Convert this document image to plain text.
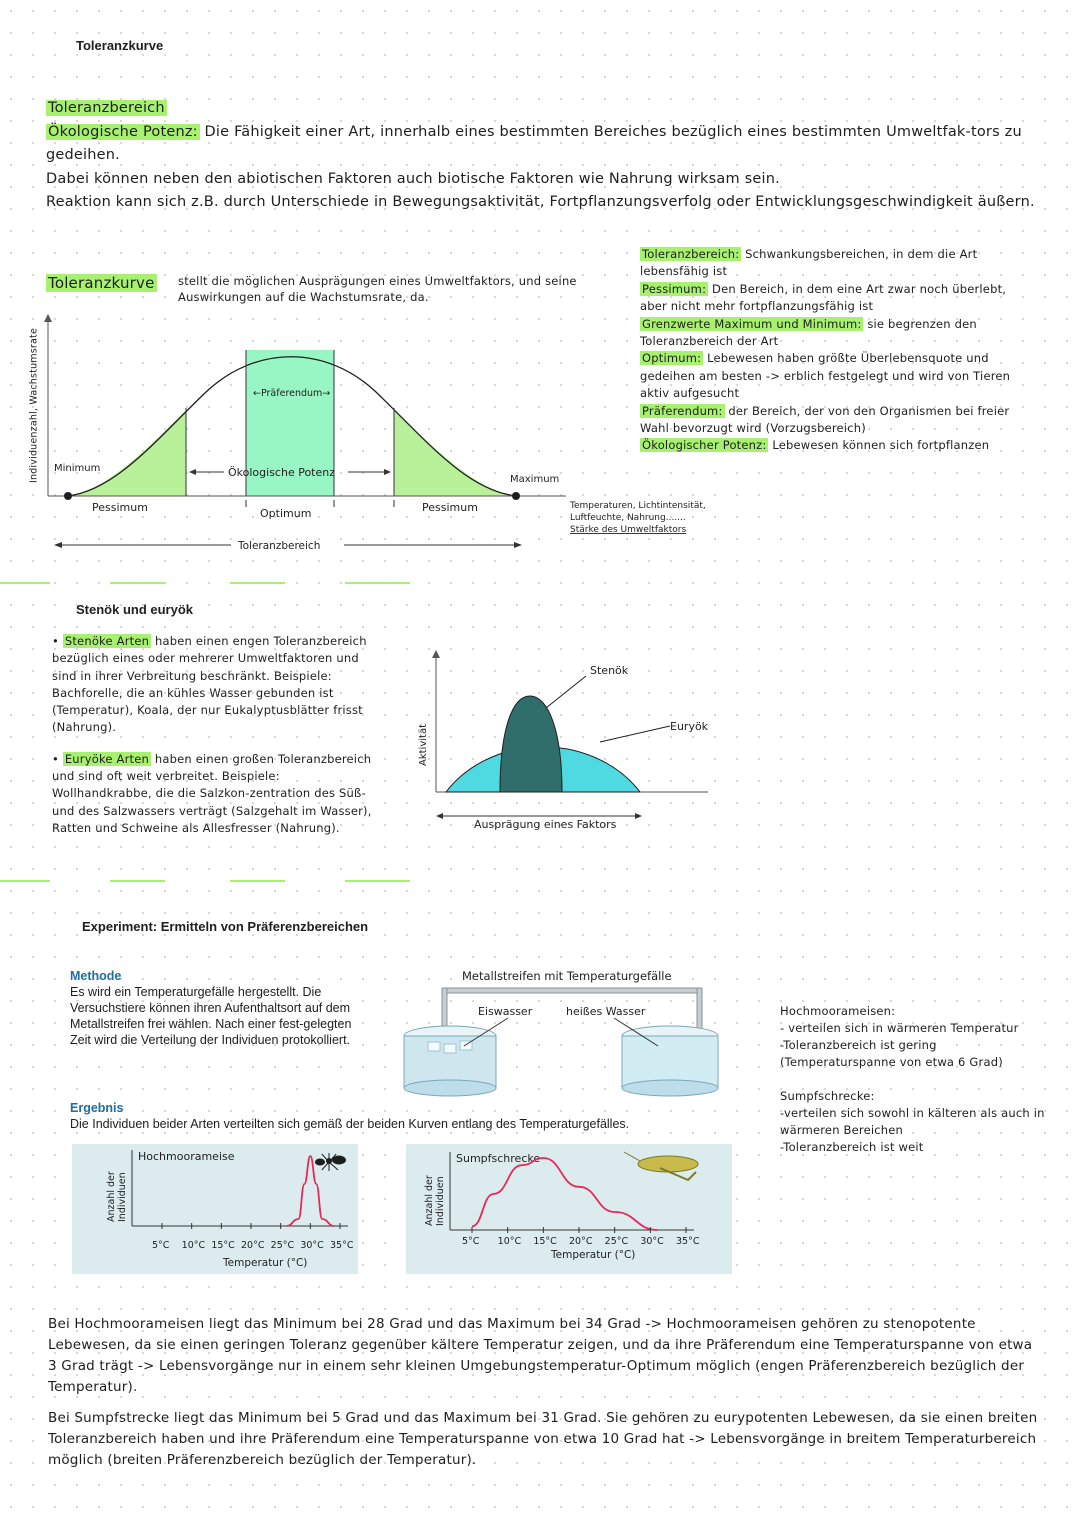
Toleranzkurve
Toleranzbereich
Ökologische Potenz: Die Fähigkeit einer Art, innerhalb eines bestimmten Bereiches bezüglich eines bestimmten Umweltfak-tors zu gedeihen.
Dabei können neben den abiotischen Faktoren auch biotische Faktoren wie Nahrung wirksam sein.
Reaktion kann sich z.B. durch Unterschiede in Bewegungsaktivität, Fortpflanzungsverfolg oder Entwicklungsgeschwindigkeit äußern.
Toleranzkurve stellt die möglichen Ausprägungen eines Umweltfaktors, und seine Auswirkungen auf die Wachstumsrate, da.
Minimum
Maximum
←Präferendum→
Ökologische Potenz
Pessimum	Pessimum
Optimum
Toleranzbereich
Temperaturen, Lichtintensität,
Luftfeuchte, Nahrung.......
Stärke des Umweltfaktors
Individuenzahl, Wachstumsrate
Toleranzbereich: Schwankungsbereichen, in dem die Art lebensfähig ist
Pessimum: Den Bereich, in dem eine Art zwar noch überlebt, aber nicht mehr fortpflanzungsfähig ist
Grenzwerte Maximum und Minimum: sie begrenzen den Toleranzbereich der Art
Optimum: Lebewesen haben größte Überlebensquote und gedeihen am besten -> erblich festgelegt und wird von Tieren aktiv aufgesucht
Präferendum: der Bereich, der von den Organismen bei freier Wahl bevorzugt wird (Vorzugsbereich)
Ökologischer Potenz: Lebewesen können sich fortpflanzen
Stenök und euryök

• Stenöke Arten haben einen engen Toleranzbereich bezüglich eines oder mehrerer Umweltfaktoren und sind in ihrer Verbreitung beschränkt. Beispiele: Bachforelle, die an kühles Wasser gebunden ist (Temperatur), Koala, der nur Eukalyptusblätter frisst (Nahrung).

• Euryöke Arten haben einen großen Toleranzbereich und sind oft weit verbreitet. Beispiele: Wollhandkrabbe, die die Salzkon-zentration des Süß- und des Salzwassers verträgt (Salzgehalt im Wasser), Ratten und Schweine als Allesfresser (Nahrung).

Stenök
Euryök
Ausprägung eines Faktors
Aktivität
Experiment: Ermitteln von Präferenzbereichen
Methode
Es wird ein Temperaturgefälle hergestellt. Die Versuchstiere können ihren Aufenthaltsort auf dem Metallstreifen frei wählen. Nach einer fest-gelegten Zeit wird die Verteilung der Individuen protokolliert.
Metallstreifen mit Temperaturgefälle
Eiswasser	heißes Wasser
Ergebnis
Die Individuen beider Arten verteilten sich gemäß der beiden Kurven entlang des Temperaturgefälles.
Hochmoorameise
Anzahl der Individuen
Sumpfschrecke
Anzahl der Individuen
5°C 10°C 15°C 20°C 25°C 30°C 35°C
Temperatur (°C)
5°C 10°C 15°C 20°C 25°C 30°C 35°C
Temperatur (°C)
Hochmoorameisen:
- verteilen sich in wärmeren Temperatur
-Toleranzbereich ist gering
(Temperaturspanne von etwa 6 Grad)
Sumpfschrecke:
-verteilen sich sowohl in kälteren als auch in wärmeren Bereichen
-Toleranzbereich ist weit
Bei Hochmoorameisen liegt das Minimum bei 28 Grad und das Maximum bei 34 Grad -> Hochmoorameisen gehören zu stenopotente Lebewesen, da sie einen geringen Toleranz gegenüber kältere Temperatur zeigen, und da ihre Präferendum eine Temperaturspanne von etwa 3 Grad trägt -> Lebensvorgänge nur in einem sehr kleinen Umgebungstemperatur-Optimum möglich (engen Präferenzbereich bezüglich der Temperatur).
Bei Sumpfstrecke liegt das Minimum bei 5 Grad und das Maximum bei 31 Grad. Sie gehören zu eurypotenten Lebewesen, da sie einen breiten Toleranzbereich haben und ihre Präferendum eine Temperaturspanne von etwa 10 Grad hat -> Lebensvorgänge in breitem Temperaturbereich möglich (breiten Präferenzbereich bezüglich der Temperatur).
